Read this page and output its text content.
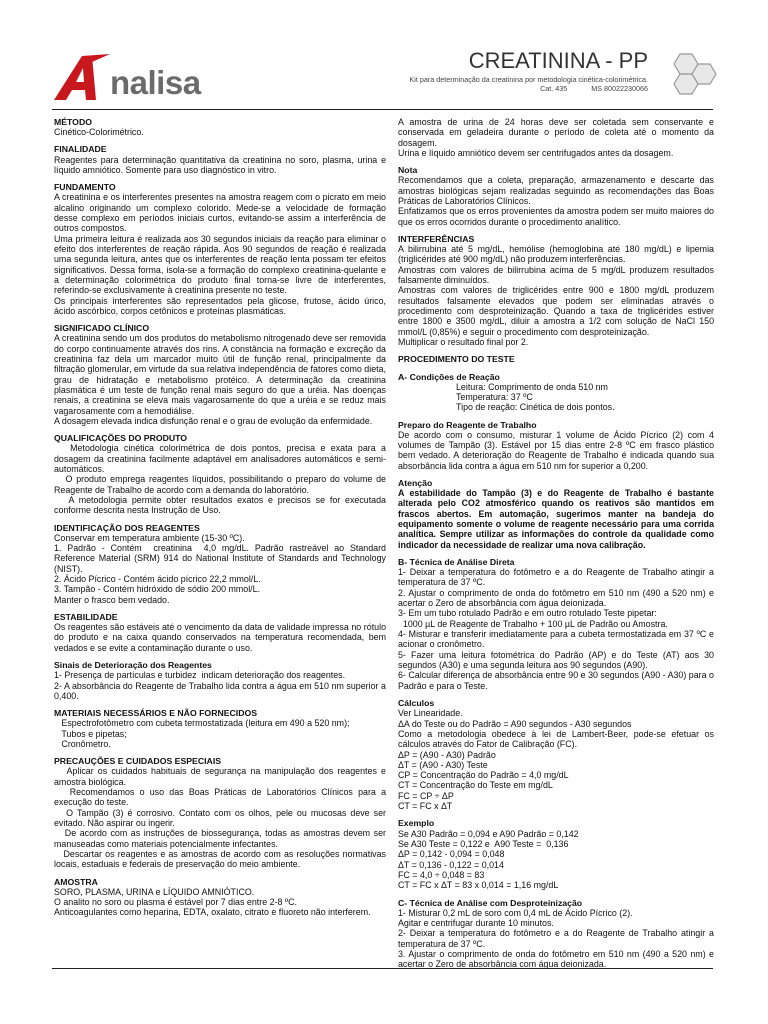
nalisa
CREATININA - PP
Kit para determinação da creatinina por metodologia cinética-colorimétrica.
Cat. 435            MS 80022230066
MÉTODO
Cinético-Colorimétrico.
FINALIDADE
Reagentes para determinação quantitativa da creatinina no soro, plasma, urina e líquido amniótico. Somente para uso diagnóstico in vitro.
FUNDAMENTO
A creatinina e os interferentes presentes na amostra reagem com o picrato em meio alcalino originando um complexo colorido. Mede-se a velocidade de formação desse complexo em períodos iniciais curtos, evitando-se assim a interferência de outros compostos.
Uma primeira leitura é realizada aos 30 segundos iniciais da reação para eliminar o efeito dos interferentes de reação rápida. Aos 90 segundos de reação é realizada uma segunda leitura, antes que os interferentes de reação lenta possam ter efeitos significativos. Dessa forma, isola-se a formação do complexo creatinina-quelante e a determinação colorimétrica do produto final torna-se livre de interferentes, referindo-se exclusivamente à creatinina presente no teste.
Os principais interferentes são representados pela glicose, frutose, ácido úrico, ácido ascórbico, corpos cetônicos e proteínas plasmáticas.
SIGNIFICADO CLÍNICO
A creatinina sendo um dos produtos do metabolismo nitrogenado deve ser removida do corpo continuamente através dos rins. A constância na formação e excreção da creatinina faz dela um marcador muito útil de função renal, principalmente da filtração glomerular, em virtude da sua relativa independência de fatores como dieta, grau de hidratação e metabolismo protéico. A determinação da creatinina plasmática é um teste de função renal mais seguro do que a uréia. Nas doenças renais, a creatinina se eleva mais vagarosamente do que a uréia e se reduz mais vagarosamente com a hemodiálise.
A dosagem elevada indica disfunção renal e o grau de evolução da enfermidade.
QUALIFICAÇÕES DO PRODUTO
Metodologia cinética colorimétrica de dois pontos, precisa e exata para a dosagem da creatinina facilmente adaptável em analisadores automáticos e semi-automáticos.
O produto emprega reagentes líquidos, possibilitando o preparo do volume de Reagente de Trabalho de acordo com a demanda do laboratório.
A metodologia permite obter resultados exatos e precisos se for executada conforme descrita nesta Instrução de Uso.
IDENTIFICAÇÃO DOS REAGENTES
Conservar em temperatura ambiente (15-30 ºC).
1. Padrão - Contém  creatinina  4,0 mg/dL. Padrão rastreável ao Standard Reference Material (SRM) 914 do National Institute of Standards and Technology (NIST).
2. Ácido Pícrico - Contém ácido pícrico 22,2 mmol/L.
3. Tampão - Contém hidróxido de sódio 200 mmol/L.
Manter o frasco bem vedado.
ESTABILIDADE
Os reagentes são estáveis até o vencimento da data de validade impressa no rótulo do produto e na caixa quando conservados na temperatura recomendada, bem vedados e se evite a contaminação durante o uso.
Sinais de Deterioração dos Reagentes
1- Presença de partículas e turbidez  indicam deterioração dos reagentes.
2- A absorbância do Reagente de Trabalho lida contra a água em 510 nm superior a 0,400.
MATERIAIS NECESSÁRIOS E NÃO FORNECIDOS
Espectrofotômetro com cubeta termostatizada (leitura em 490 a 520 nm);
Tubos e pipetas;
Cronômetro.
PRECAUÇÕES E CUIDADOS ESPECIAIS
Aplicar os cuidados habituais de segurança na manipulação dos reagentes e amostra biológica.
Recomendamos o uso das Boas Práticas de Laboratórios Clínicos para a execução do teste.
O Tampão (3) é corrosivo. Contato com os olhos, pele ou mucosas deve ser evitado. Não aspirar ou ingerir.
De acordo com as instruções de biossegurança, todas as amostras devem ser manuseadas como materiais potencialmente infectantes.
Descartar os reagentes e as amostras de acordo com as resoluções normativas locais, estaduais e federais de preservação do meio ambiente.
AMOSTRA
SORO, PLASMA, URINA e LÍQUIDO AMNIÓTICO.
O analito no soro ou plasma é estável por 7 dias entre 2-8 ºC.
Anticoagulantes como heparina, EDTA, oxalato, citrato e fluoreto não interferem.
A amostra de urina de 24 horas deve ser coletada sem conservante e conservada em geladeira durante o período de coleta até o momento da dosagem.
Urina e líquido amniótico devem ser centrifugados antes da dosagem.
Nota
Recomendamos que a coleta, preparação, armazenamento e descarte das amostras biológicas sejam realizadas seguindo as recomendações das Boas Práticas de Laboratórios Clínicos.
Enfatizamos que os erros provenientes da amostra podem ser muito maiores do que os erros ocorridos durante o procedimento analítico.
INTERFERÊNCIAS
A bilirrubina até 5 mg/dL, hemólise (hemoglobina até 180 mg/dL) e lipemia (triglicérides até 900 mg/dL) não produzem interferências.
Amostras com valores de bilirrubina acima de 5 mg/dL produzem resultados falsamente diminuídos.
Amostras com valores de triglicérides entre 900 e 1800 mg/dL produzem resultados falsamente elevados que podem ser eliminadas através o procedimento com desproteinização. Quando a taxa de triglicérides estiver entre 1800 e 3500 mg/dL, diluir a amostra a 1/2 com solução de NaCl 150 mmol/L (0,85%) e seguir o procedimento com desproteinização.
Multiplicar o resultado final por 2.
PROCEDIMENTO DO TESTE
A- Condições de Reação
Leitura: Comprimento de onda 510 nm
Temperatura: 37 ºC
Tipo de reação: Cinética de dois pontos.
Preparo do Reagente de Trabalho
De acordo com o consumo, misturar 1 volume de Ácido Pícrico (2) com 4 volumes de Tampão (3). Estável por 15 dias entre 2-8 ºC em frasco plástico bem vedado. A deterioração do Reagente de Trabalho é indicada quando sua absorbância lida contra a água em 510 nm for superior a 0,200.
Atenção
A estabilidade do Tampão (3) e do Reagente de Trabalho é bastante alterada pelo CO2 atmosférico quando os reativos são mantidos em frascos abertos. Em automação, sugerimos manter na bandeja do equipamento somente o volume de reagente necessário para uma corrida analítica. Sempre utilizar as informações do controle da qualidade como indicador da necessidade de realizar uma nova calibração.
B- Técnica de Análise Direta
1- Deixar a temperatura do fotômetro e a do Reagente de Trabalho atingir a temperatura de 37 ºC.
2. Ajustar o comprimento de onda do fotômetro em 510 nm (490 a 520 nm) e acertar o Zero de absorbância com água deionizada.
3- Em um tubo rotulado Padrão e em outro rotulado Teste pipetar:
1000 µL de Reagente de Trabalho + 100 µL de Padrão ou Amostra.
4- Misturar e transferir imediatamente para a cubeta termostatizada em 37 ºC e acionar o cronômetro.
5- Fazer uma leitura fotométrica do Padrão (AP) e do Teste (AT) aos 30 segundos (A30) e uma segunda leitura aos 90 segundos (A90).
6- Calcular diferença de absorbância entre 90 e 30 segundos (A90 - A30) para o Padrão e para o Teste.
Cálculos
Ver Linearidade.
ΔA do Teste ou do Padrão = A90 segundos - A30 segundos
Como a metodologia obedece à lei de Lambert-Beer, pode-se efetuar os cálculos através do Fator de Calibração (FC).
ΔP = (A90 - A30) Padrão
ΔT = (A90 - A30) Teste
CP = Concentração do Padrão = 4,0 mg/dL
CT = Concentração do Teste em mg/dL
FC = CP ÷ ΔP
CT = FC x ΔT
Exemplo
Se A30 Padrão = 0,094 e A90 Padrão = 0,142
Se A30 Teste = 0,122 e  A90 Teste =  0,136
ΔP = 0,142 - 0,094 = 0,048
ΔT = 0,136 - 0,122 = 0,014
FC = 4,0 ÷ 0,048 = 83
CT = FC x ΔT = 83 x 0,014 = 1,16 mg/dL
C- Técnica de Análise com Desproteinização
1- Misturar 0,2 mL de soro com 0,4 mL de Ácido Pícrico (2).
Agitar e centrifugar durante 10 minutos.
2- Deixar a temperatura do fotômetro e a do Reagente de Trabalho atingir a temperatura de 37 ºC.
3. Ajustar o comprimento de onda do fotômetro em 510 nm (490 a 520 nm) e acertar o Zero de absorbância com água deionizada.
